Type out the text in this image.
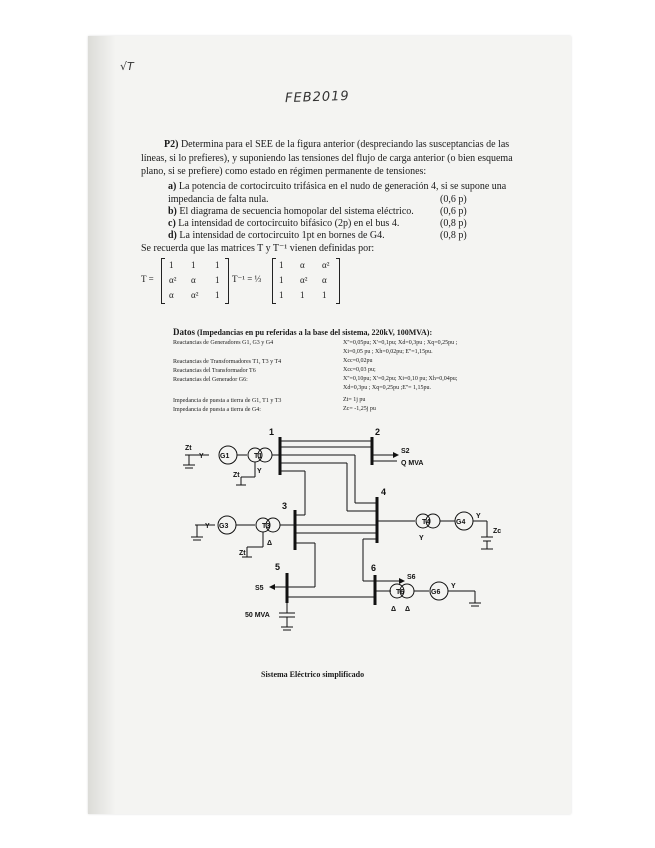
√T
FEB2019
P2) Determina para el SEE de la figura anterior (despreciando las susceptancias de las
líneas, si lo prefieres), y suponiendo las tensiones del flujo de carga anterior (o bien esquema
plano, si se prefiere) como estado en régimen permanente de tensiones:
a) La potencia de cortocircuito trifásica en el nudo de generación 4, si se supone una
impedancia de falta nula.	(0,6 p)
b) El diagrama de secuencia homopolar del sistema eléctrico.	(0,6 p)
c) La intensidad de cortocircuito bifásico (2p) en el bus 4.	(0,8 p)
d) La intensidad de cortocircuito 1pt en bornes de G4.	(0,8 p)
Se recuerda que las matrices T y T⁻¹ vienen definidas por:
T =
1 1 1
α² α 1
α α² 1
T⁻¹ = ⅓
1 α α²
1 α² α
1 1 1
Datos (Impedancias en pu referidas a la base del sistema, 220kV, 100MVA):
Reactancias de Generadores G1, G3 y G4	X''=0,05pu; X'=0,1pu; Xd=0,3pu ; Xq=0,25pu ;
Xi=0,05 pu ; Xh=0,02pu; E''=1,15pu.
Reactancias de Transformadores T1, T3 y T4	Xcc=0,02pu
Reactancias del Transformador T6	Xcc=0,03 pu;
Reactancias del Generador G6:	X''=0,10pu; X'=0,2pu; Xi=0,10 pu; Xh=0,04pu;
Xd=0,3pu ; Xq=0,25pu ;E''= 1,15pu.
Impedancia de puesta a tierra de G1, T1 y T3	Zt= 1j pu
Impedancia de puesta a tierra de G4:	Zc= -1,25j pu
1	2
3
4
5	6
G1
G3
G4
G6
T1
T3
T4
T6
S2
S5
S6
Q MVA
50 MVA
Zt
Zt
Zt
Zc
Y
Y
Y
Δ
Y
Y
Δ Δ
Y
Sistema Eléctrico simplificado
